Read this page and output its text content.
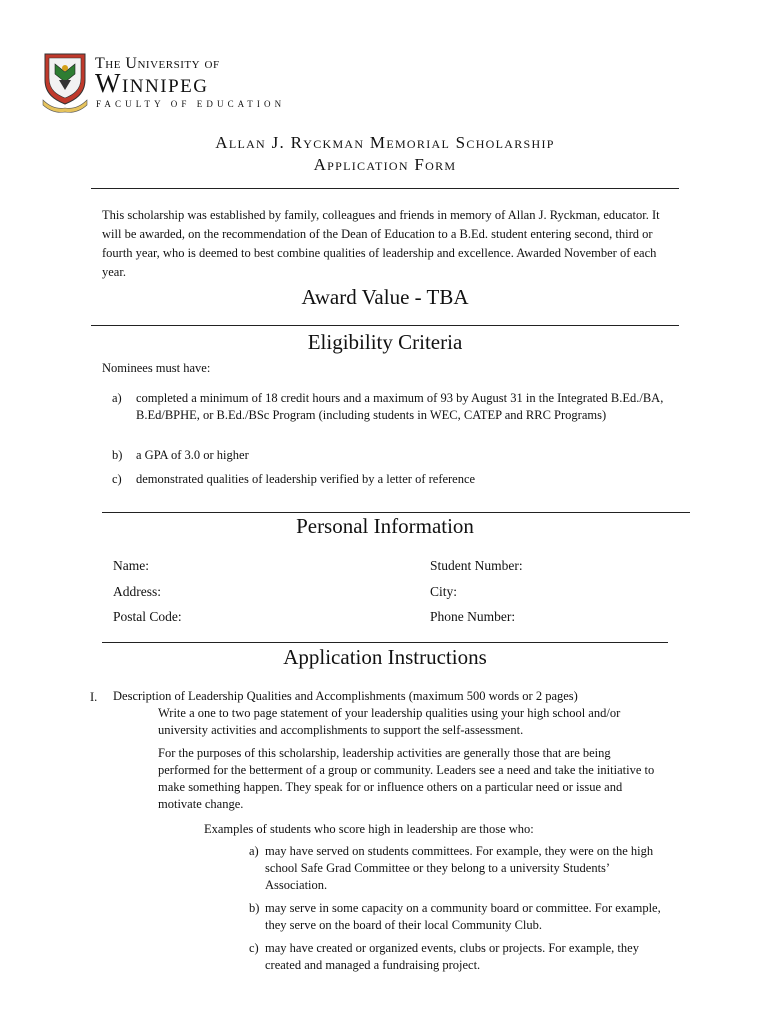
The University of
Winnipeg
FACULTY OF EDUCATION
Allan J. Ryckman Memorial Scholarship
Application Form
This scholarship was established by family, colleagues and friends in memory of Allan J. Ryckman, educator. It will be awarded, on the recommendation of the Dean of Education to a B.Ed. student entering second, third or fourth year, who is deemed to best combine qualities of leadership and excellence. Awarded November of each year.
Award Value - TBA
Eligibility Criteria
Nominees must have:
a) completed a minimum of 18 credit hours and a maximum of 93 by August 31 in the Integrated B.Ed./BA, B.Ed/BPHE, or B.Ed./BSc Program (including students in WEC, CATEP and RRC Programs)
b) a GPA of 3.0 or higher
c) demonstrated qualities of leadership verified by a letter of reference
Personal Information
Name:	Student Number:
Address:	City:
Postal Code:	Phone Number:
Application Instructions
I. Description of Leadership Qualities and Accomplishments (maximum 500 words or 2 pages)
Write a one to two page statement of your leadership qualities using your high school and/or university activities and accomplishments to support the self-assessment.
For the purposes of this scholarship, leadership activities are generally those that are being performed for the betterment of a group or community. Leaders see a need and take the initiative to make something happen. They speak for or influence others on a particular need or issue and motivate change.
Examples of students who score high in leadership are those who:
a) may have served on students committees. For example, they were on the high school Safe Grad Committee or they belong to a university Students’ Association.
b) may serve in some capacity on a community board or committee. For example, they serve on the board of their local Community Club.
c) may have created or organized events, clubs or projects. For example, they created and managed a fundraising project.
